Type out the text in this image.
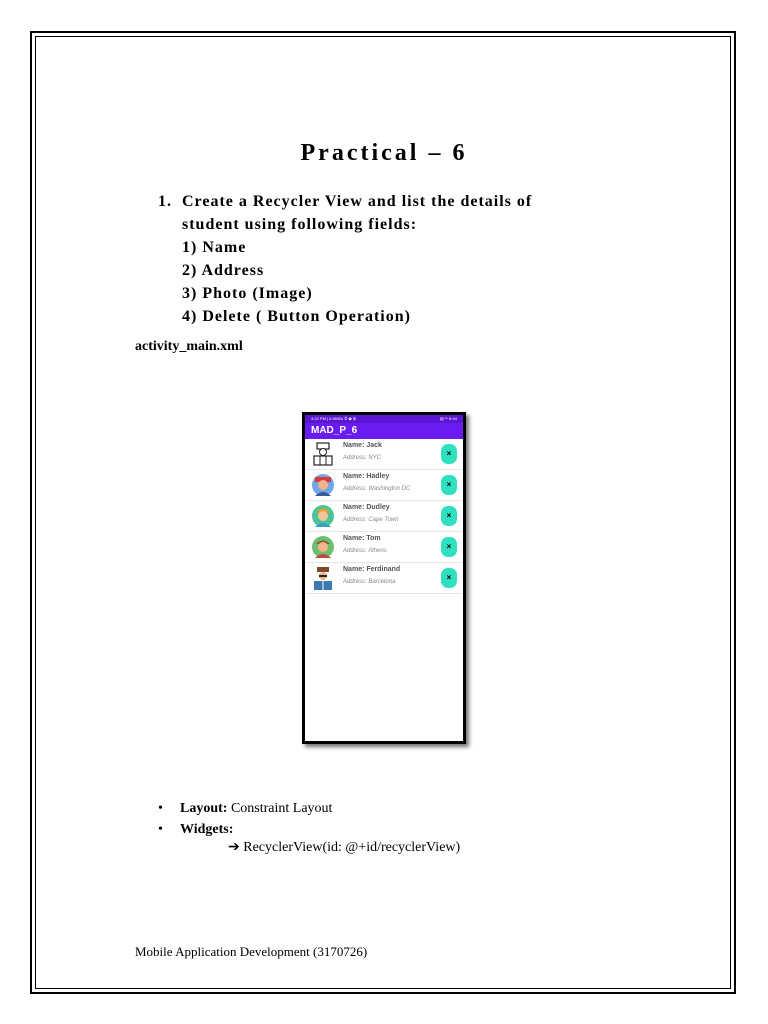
Practical – 6
1. Create a Recycler View and list the details of
student using following fields:
1) Name
2) Address
3) Photo (Image)
4) Delete ( Button Operation)
activity_main.xml
4:22 PM | 0.8KB/s ⏱ ✿ ⚙	▤ ᵛᵒ ill 94
MAD_P_6
Name: Jack
Address: NYC	×
Name: Hadley
Address: Washington DC	×
Name: Dudley
Address: Cape Town	×
Name: Tom
Address: Athens	×
Name: Ferdinand
Address: Barcelona	×
• Layout: Constraint Layout
• Widgets:
➔ RecyclerView(id: @+id/recyclerView)
Mobile Application Development (3170726)
